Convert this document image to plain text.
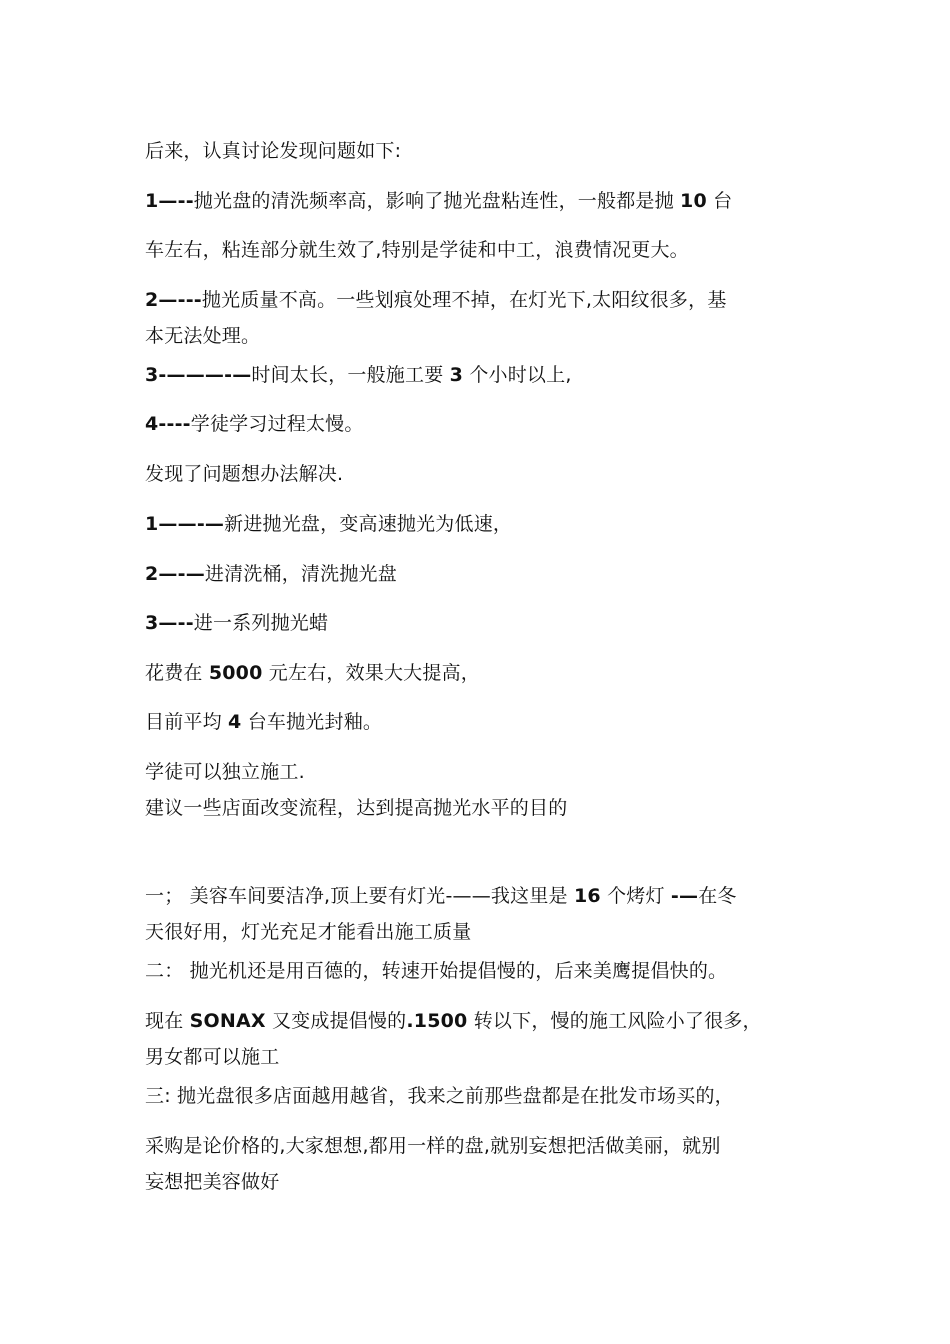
后来，认真讨论发现问题如下:
1—--抛光盘的清洗频率高，影响了抛光盘粘连性，一般都是抛 10 台
车左右，粘连部分就生效了,特别是学徒和中工，浪费情况更大。
2—---抛光质量不高。一些划痕处理不掉，在灯光下,太阳纹很多，基
本无法处理。
3-———-—时间太长，一般施工要 3 个小时以上,
4----学徒学习过程太慢。
发现了问题想办法解决.
1——-—新进抛光盘，变高速抛光为低速，
2—-—进清洗桶，清洗抛光盘
3—--进一系列抛光蜡
花费在 5000 元左右，效果大大提高，
目前平均 4 台车抛光封釉。
学徒可以独立施工.
建议一些店面改变流程，达到提高抛光水平的目的
一； 美容车间要洁净,顶上要有灯光-——我这里是 16 个烤灯 -—在冬
天很好用，灯光充足才能看出施工质量
二： 抛光机还是用百德的，转速开始提倡慢的，后来美鹰提倡快的。
现在 SONAX 又变成提倡慢的.1500 转以下，慢的施工风险小了很多，
男女都可以施工
三: 抛光盘很多店面越用越省，我来之前那些盘都是在批发市场买的，
采购是论价格的,大家想想,都用一样的盘,就别妄想把活做美丽，就别
妄想把美容做好
